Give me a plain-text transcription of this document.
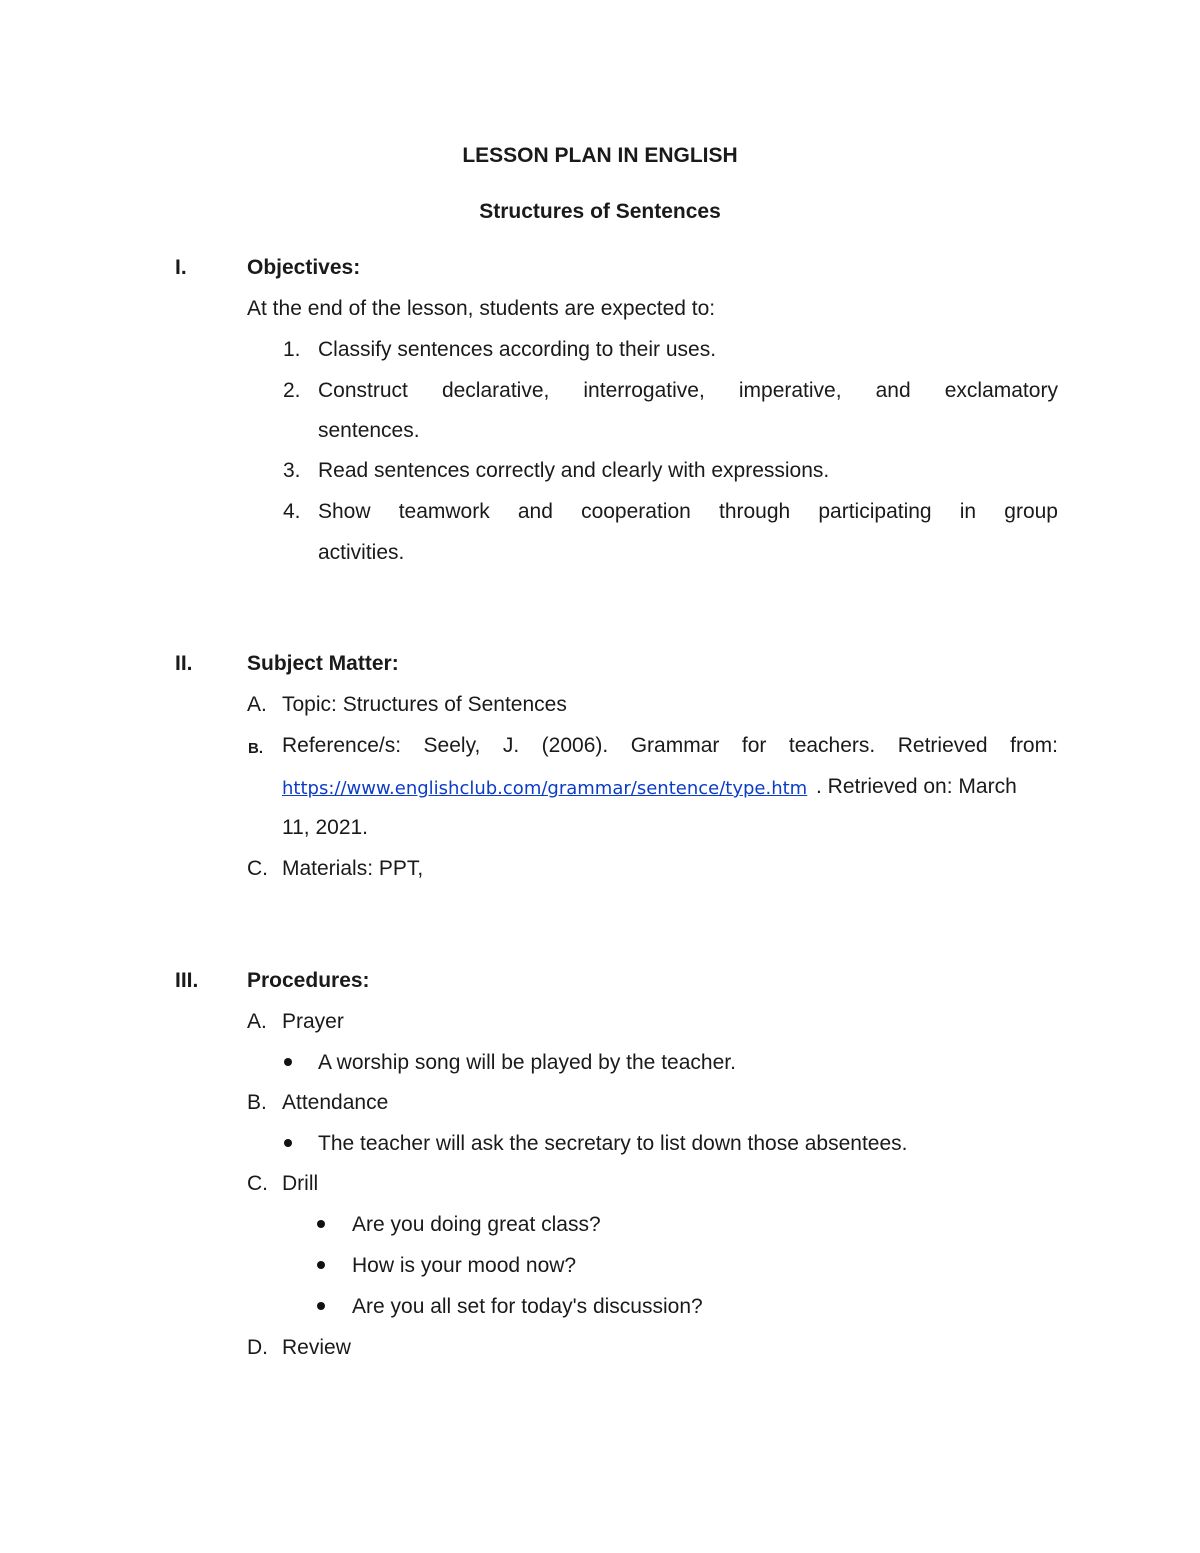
LESSON PLAN IN ENGLISH
Structures of Sentences
I.	Objectives:
At the end of the lesson, students are expected to:
1. Classify sentences according to their uses.
2. Construct declarative, interrogative, imperative, and exclamatory
sentences.
3. Read sentences correctly and clearly with expressions.
4. Show teamwork and cooperation through participating in group
activities.
II.	Subject Matter:
A. Topic: Structures of Sentences
B. Reference/s: Seely, J. (2006). Grammar for teachers. Retrieved from:
https://www.englishclub.com/grammar/sentence/type.htm . Retrieved on: March
11, 2021.
C. Materials: PPT,
III. Procedures:
A. Prayer
A worship song will be played by the teacher.
B. Attendance
The teacher will ask the secretary to list down those absentees.
C. Drill
Are you doing great class?
How is your mood now?
Are you all set for today's discussion?
D. Review
